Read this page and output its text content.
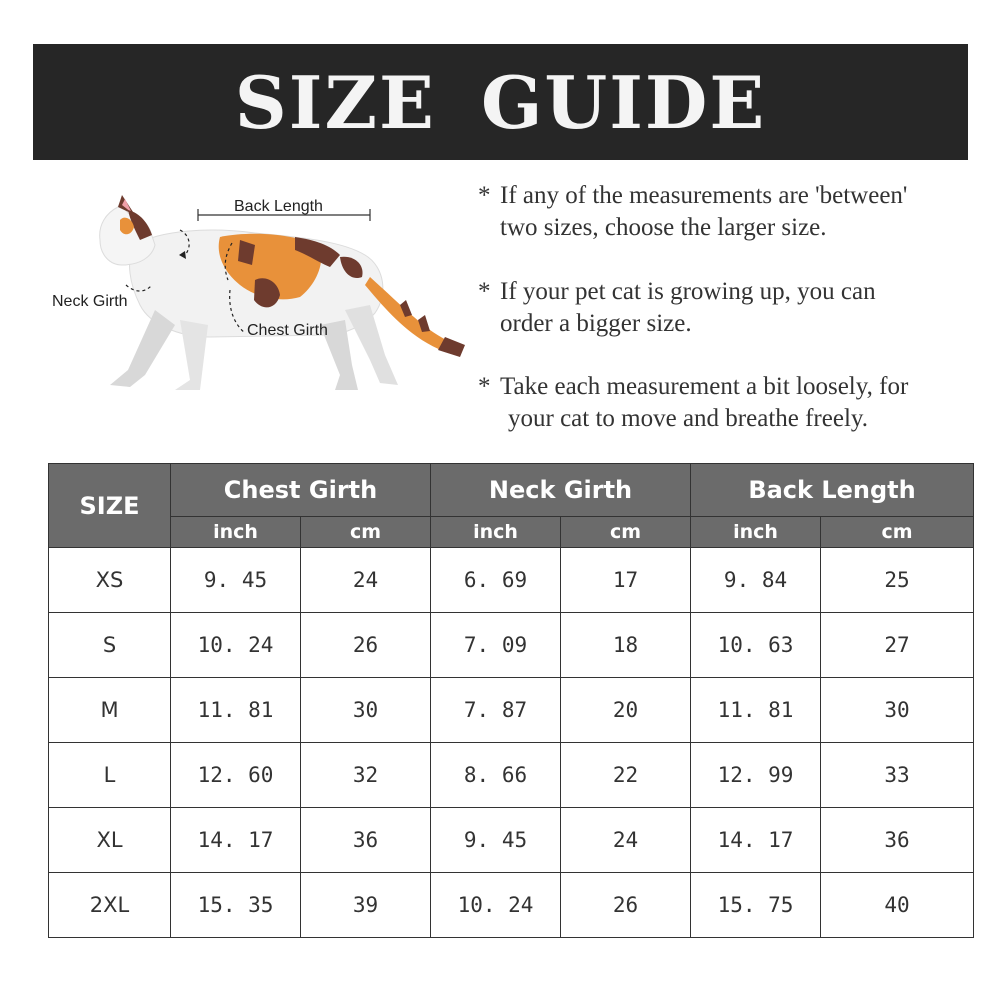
SIZE GUIDE
Back Length
Neck Girth
Chest Girth
* If any of the measurements are 'between'
two sizes, choose the larger size.
* If your pet cat is growing up, you can
order a bigger size.
* Take each measurement a bit loosely, for
your cat to move and breathe freely.
SIZE	Chest Girth		Neck Girth		Back Length	
	inch	cm	inch	cm	inch	cm
XS	9. 45	24	6. 69	17	9. 84	25
S	10. 24	26	7. 09	18	10. 63	27
M	11. 81	30	7. 87	20	11. 81	30
L	12. 60	32	8. 66	22	12. 99	33
XL	14. 17	36	9. 45	24	14. 17	36
2XL	15. 35	39	10. 24	26	15. 75	40
